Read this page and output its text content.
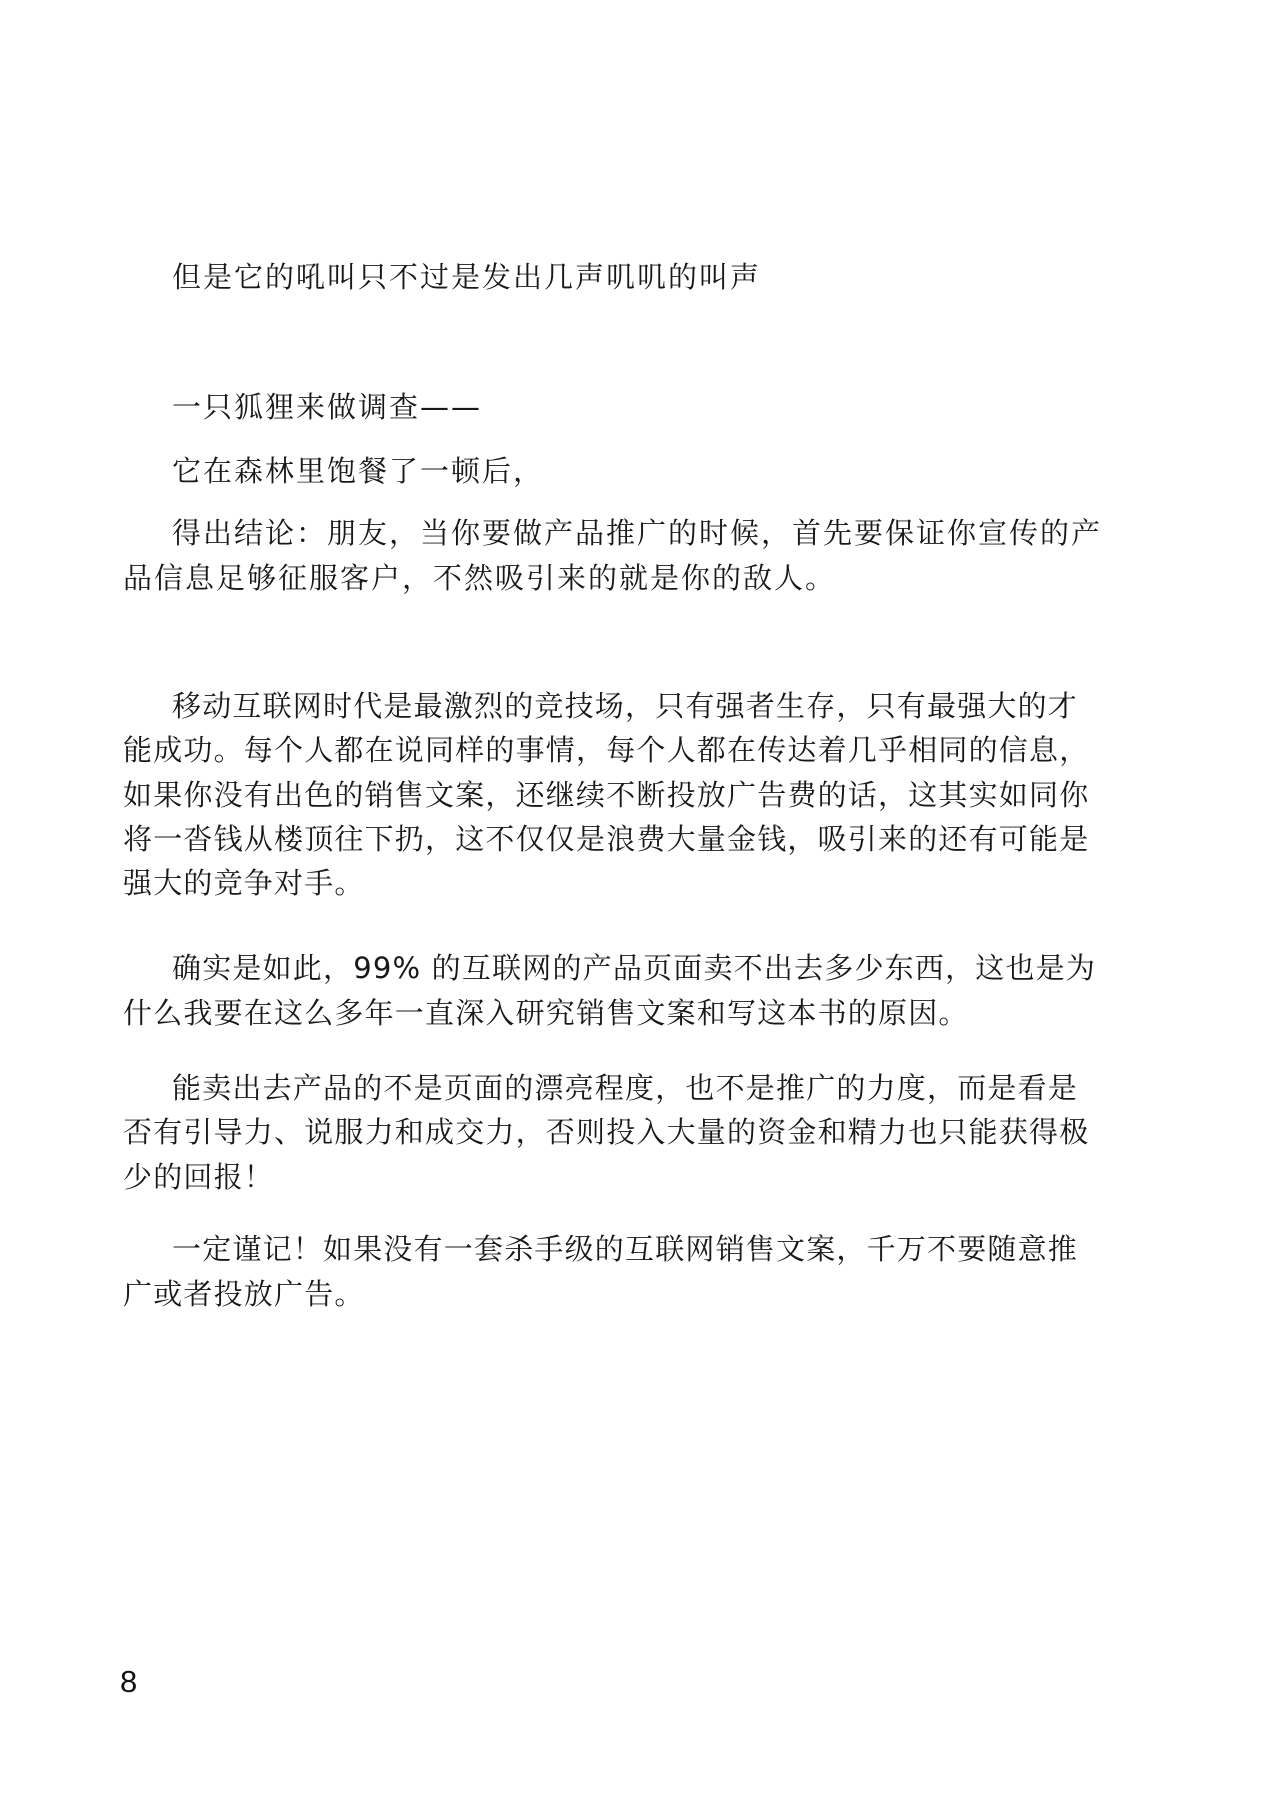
但是它的吼叫只不过是发出几声叽叽的叫声

一只狐狸来做调查——

它在森林里饱餐了一顿后，

得出结论：朋友，当你要做产品推广的时候，首先要保证你宣传的产

品信息足够征服客户，不然吸引来的就是你的敌人。

移动互联网时代是最激烈的竞技场，只有强者生存，只有最强大的才

能成功。每个人都在说同样的事情，每个人都在传达着几乎相同的信息，

如果你没有出色的销售文案，还继续不断投放广告费的话，这其实如同你

将一沓钱从楼顶往下扔，这不仅仅是浪费大量金钱，吸引来的还有可能是

强大的竞争对手。

确实是如此，99% 的互联网的产品页面卖不出去多少东西，这也是为

什么我要在这么多年一直深入研究销售文案和写这本书的原因。

能卖出去产品的不是页面的漂亮程度，也不是推广的力度，而是看是

否有引导力、说服力和成交力，否则投入大量的资金和精力也只能获得极

少的回报！

一定谨记！如果没有一套杀手级的互联网销售文案，千万不要随意推

广或者投放广告。

8
